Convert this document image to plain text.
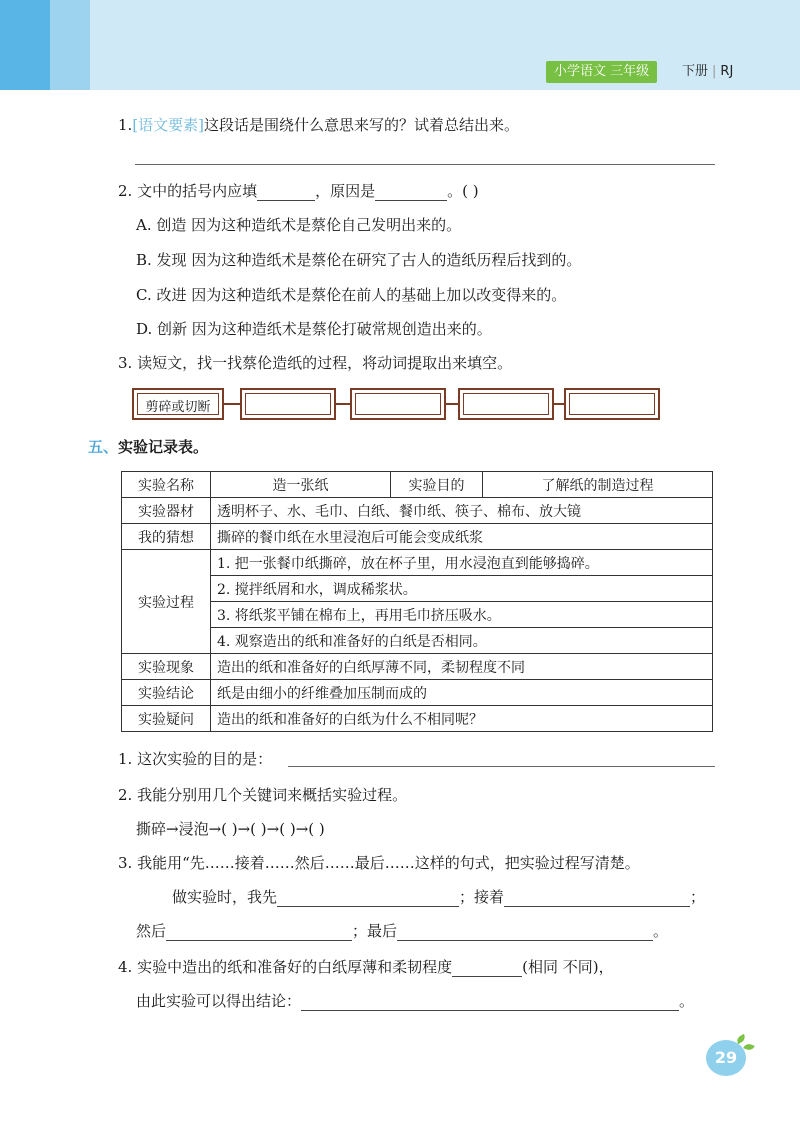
小学语文 三年级	下册 | RJ
1.[语文要素]这段话是围绕什么意思来写的？试着总结出来。
2. 文中的括号内应填	，原因是	。( )
A. 创造 因为这种造纸术是蔡伦自己发明出来的。
B. 发现 因为这种造纸术是蔡伦在研究了古人的造纸历程后找到的。
C. 改进 因为这种造纸术是蔡伦在前人的基础上加以改变得来的。
D. 创新 因为这种造纸术是蔡伦打破常规创造出来的。
3. 读短文，找一找蔡伦造纸的过程，将动词提取出来填空。
剪碎或切断
五、实验记录表。
实验名称	造一张纸	实验目的	了解纸的制造过程
实验器材	透明杯子、水、毛巾、白纸、餐巾纸、筷子、棉布、放大镜		
我的猜想	撕碎的餐巾纸在水里浸泡后可能会变成纸浆		
实验过程	1. 把一张餐巾纸撕碎，放在杯子里，用水浸泡直到能够捣碎。		
	2. 搅拌纸屑和水，调成稀浆状。		
	3. 将纸浆平铺在棉布上，再用毛巾挤压吸水。		
	4. 观察造出的纸和准备好的白纸是否相同。		
实验现象	造出的纸和准备好的白纸厚薄不同，柔韧程度不同		
实验结论	纸是由细小的纤维叠加压制而成的		
实验疑问	造出的纸和准备好的白纸为什么不相同呢？		
1. 这次实验的目的是：
2. 我能分别用几个关键词来概括实验过程。
撕碎→浸泡→( )→( )→( )→( )
3. 我能用“先……接着……然后……最后……这样的句式，把实验过程写清楚。
做实验时，我先	；接着	；
然后	；最后	。
4. 实验中造出的纸和准备好的白纸厚薄和柔韧程度	(相同 不同)，
由此实验可以得出结论：	。
29
